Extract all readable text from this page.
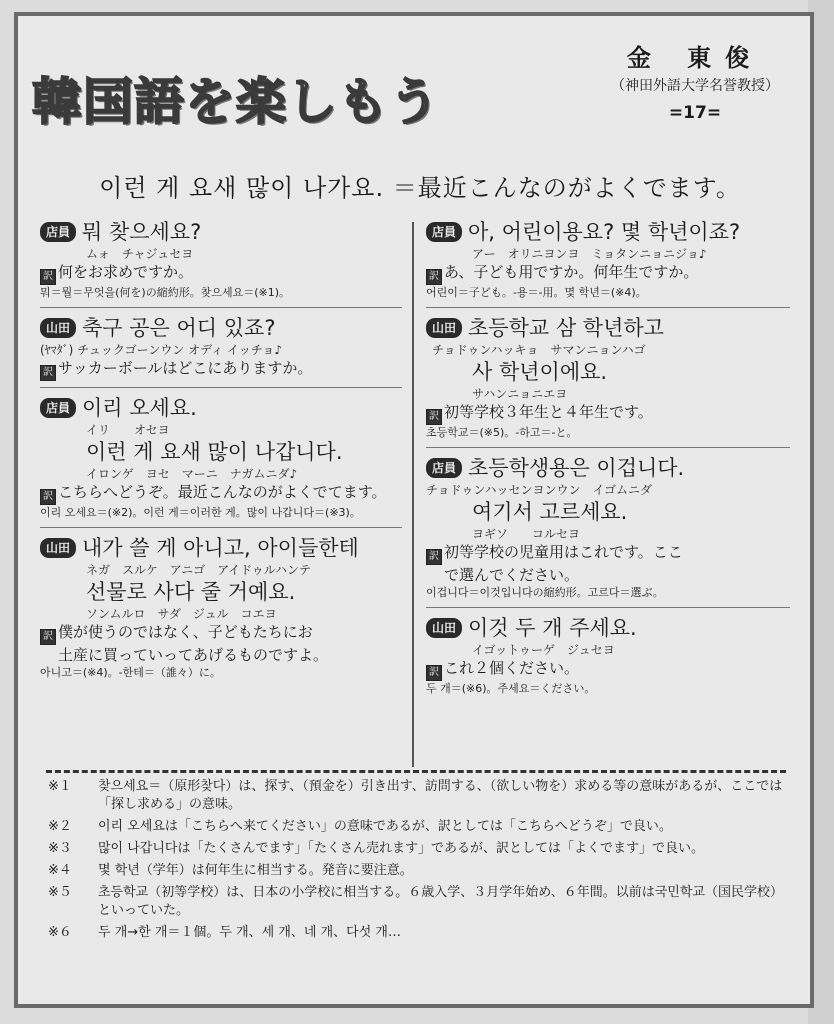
韓国語を楽しもう
金 東俊
（神田外語大学名誉教授）
=17=
이런 게 요새 많이 나가요. ＝最近こんなのがよくでます。
店員 뭐 찾으세요?
ムォ　チャジュセヨ
訳 何をお求めですか。
뭐＝뭘＝무엇을(何を)の縮約形。찾으세요＝(※1)。
山田 축구 공은 어디 있죠?
(ﾔﾏﾀﾞ) チュックゴーンウン オディ イッチョ♪
訳 サッカーボールはどこにありますか。
店員 이리 오세요.
イリ　　オセヨ
이런 게 요새 많이 나갑니다.
イロンゲ　ヨセ　マーニ　ナガムニダ♪
訳 こちらへどうぞ。最近こんなのがよくでてます。
이리 오세요＝(※2)。이런 게＝이러한 게。많이 나갑니다＝(※3)。
山田 내가 쓸 게 아니고, 아이들한테
ネガ　スルケ　アニゴ　アイドゥルハンテ
선물로 사다 줄 거예요.
ソンムルロ　サダ　ジュル　コエヨ
訳 僕が使うのではなく、子どもたちにお
土産に買っていってあげるものですよ。
아니고＝(※4)。-한테＝（誰々）に。
店員 아, 어린이용요? 몇 학년이죠?
アー　オリニヨンヨ　ミョタンニョニジョ♪
訳 あ、子ども用ですか。何年生ですか。
어린이＝子ども。-용＝-用。몇 학년＝(※4)。
山田 초등학교 삼 학년하고
チョドゥンハッキョ　サマンニョンハゴ
사 학년이에요.
サハンニョニエヨ
訳 初等学校３年生と４年生です。
초등학교＝(※5)。-하고＝-と。
店員 초등학생용은 이겁니다.
チョドゥンハッセンヨンウン　イゴムニダ
여기서 고르세요.
ヨギソ　　コルセヨ
訳 初等学校の児童用はこれです。ここ
で選んでください。
이겁니다＝이것입니다の縮約形。고르다＝選ぶ。
山田 이것 두 개 주세요.
イゴットゥーゲ　ジュセヨ
訳 これ２個ください。
두 개＝(※6)。주세요＝ください。
※１	찾으세요＝（原形찾다）は、探す、（預金を）引き出す、訪問する、（欲しい物を）求める等の意味があるが、ここでは「探し求める」の意味。
※２	이리 오세요は「こちらへ来てください」の意味であるが、訳としては「こちらへどうぞ」で良い。
※３	많이 나갑니다は「たくさんでます」「たくさん売れます」であるが、訳としては「よくでます」で良い。
※４	몇 학년（学年）は何年生に相当する。発音に要注意。
※５	초등학교（初等学校）は、日本の小学校に相当する。６歳入学、３月学年始め、６年間。以前は국민학교（国民学校）といっていた。
※６	두 개→한 개＝１個。두 개、세 개、네 개、다섯 개…
